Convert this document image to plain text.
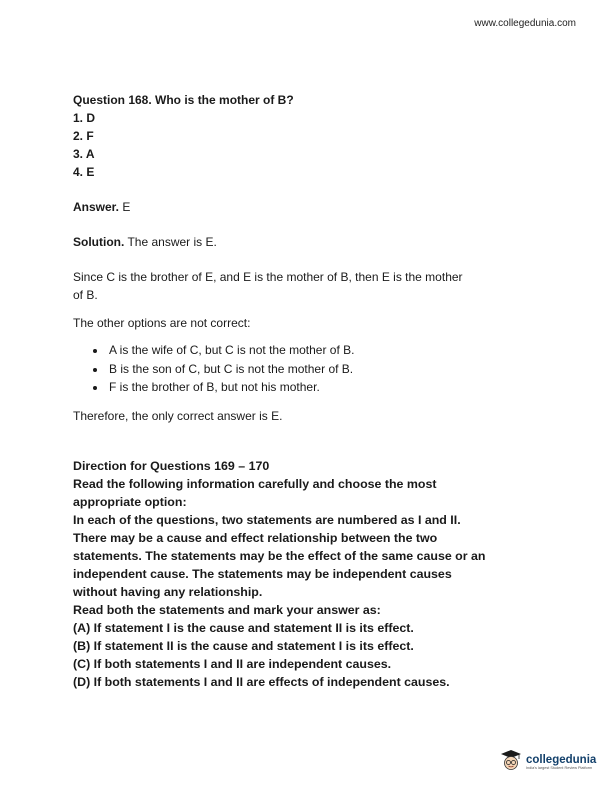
www.collegedunia.com
Question 168. Who is the mother of B?
1. D
2. F
3. A
4. E
Answer. E
Solution. The answer is E.
Since C is the brother of E, and E is the mother of B, then E is the mother
of B.
The other options are not correct:
• A is the wife of C, but C is not the mother of B.
• B is the son of C, but C is not the mother of B.
• F is the brother of B, but not his mother.
Therefore, the only correct answer is E.
Direction for Questions 169 – 170
Read the following information carefully and choose the most
appropriate option:
In each of the questions, two statements are numbered as I and II.
There may be a cause and effect relationship between the two
statements. The statements may be the effect of the same cause or an
independent cause. The statements may be independent causes
without having any relationship.
Read both the statements and mark your answer as:
(A) If statement I is the cause and statement II is its effect.
(B) If statement II is the cause and statement I is its effect.
(C) If both statements I and II are independent causes.
(D) If both statements I and II are effects of independent causes.
collegedunia
India's largest Student Review Platform
